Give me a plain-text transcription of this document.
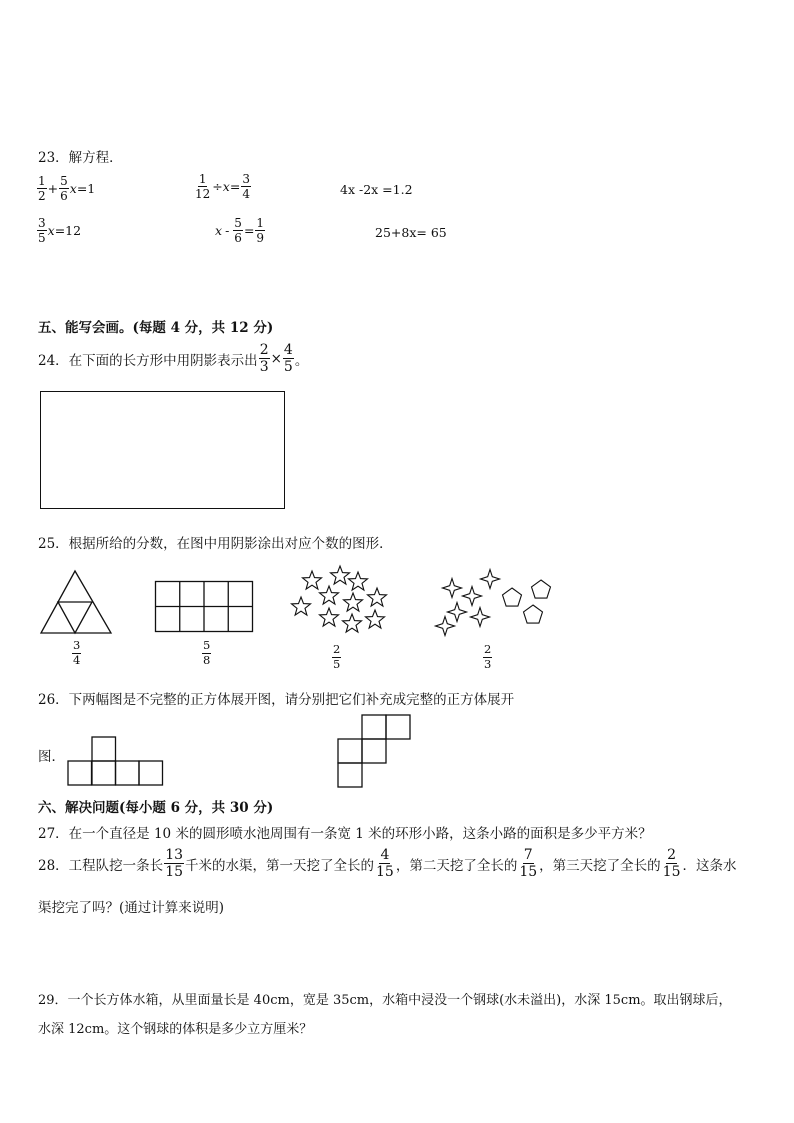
23．解方程．
$\frac{1}{2} + \frac{5}{6}$ x =1	$\frac{1}{12} \div x = \frac{3}{4}$	4x -2x =1.2
$\frac{3}{5}$ x =12	$x - \frac{5}{6} = \frac{1}{9}$	25+8x= 65
五、能写会画。(每题 4 分，共 12 分)
24．在下面的长方形中用阴影表示出 $\frac{2}{3} \times \frac{4}{5}$ 。
25．根据所给的分数，在图中用阴影涂出对应个数的图形．
$\frac{3}{4}$	$\frac{5}{8}$	$\frac{2}{5}$	$\frac{2}{3}$
26．下两幅图是不完整的正方体展开图，请分别把它们补充成完整的正方体展开
图．
六、解决问题(每小题 6 分，共 30 分)
27．在一个直径是 10 米的圆形喷水池周围有一条宽 1 米的环形小路，这条小路的面积是多少平方米？
28．工程队挖一条长 $\frac{13}{15}$ 千米的水渠，第一天挖了全长的 $\frac{4}{15}$ ，第二天挖了全长的 $\frac{7}{15}$ ，第三天挖了全长的 $\frac{2}{15}$ ．这条水
渠挖完了吗？(通过计算来说明)
29．一个长方体水箱，从里面量长是 40cm，宽是 35cm，水箱中浸没一个钢球(水未溢出)，水深 15cm。取出钢球后，
水深 12cm。这个钢球的体积是多少立方厘米？
